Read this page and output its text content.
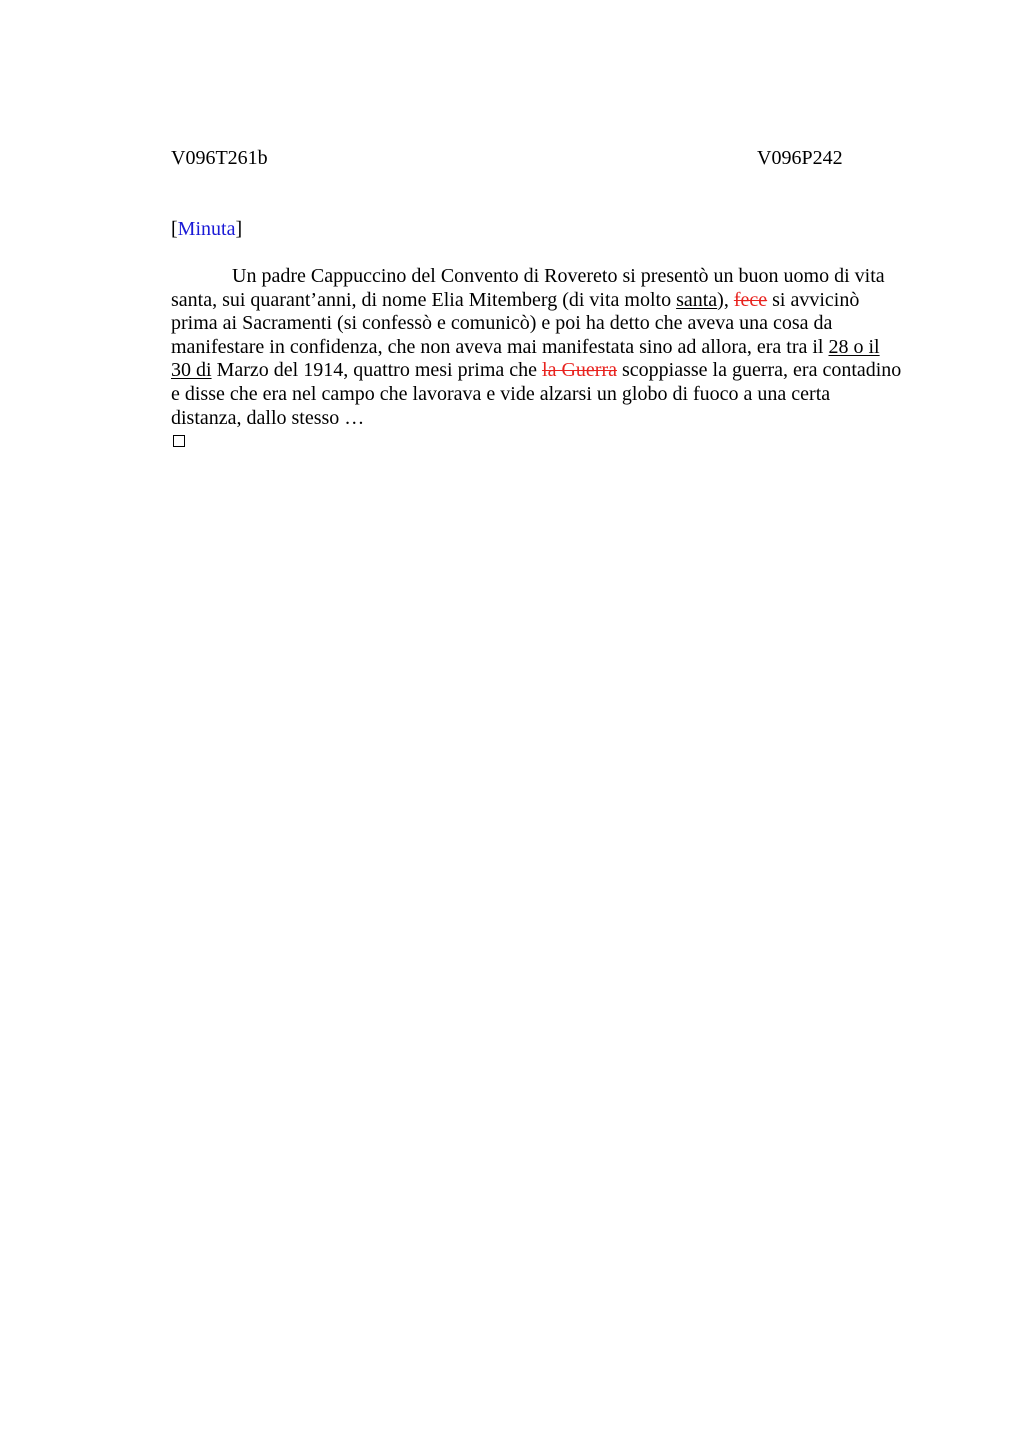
V096T261b	V096P242
[Minuta]
Un padre Cappuccino del Convento di Rovereto si presentò un buon uomo di vita
santa, sui quarant’anni, di nome Elia Mitemberg (di vita molto santa), fece si avvicinò
prima ai Sacramenti (si confessò e comunicò) e poi ha detto che aveva una cosa da
manifestare in confidenza, che non aveva mai manifestata sino ad allora, era tra il 28 o il
30 di Marzo del 1914, quattro mesi prima che la Guerra scoppiasse la guerra, era contadino
e disse che era nel campo che lavorava e vide alzarsi un globo di fuoco a una certa
distanza, dallo stesso …
